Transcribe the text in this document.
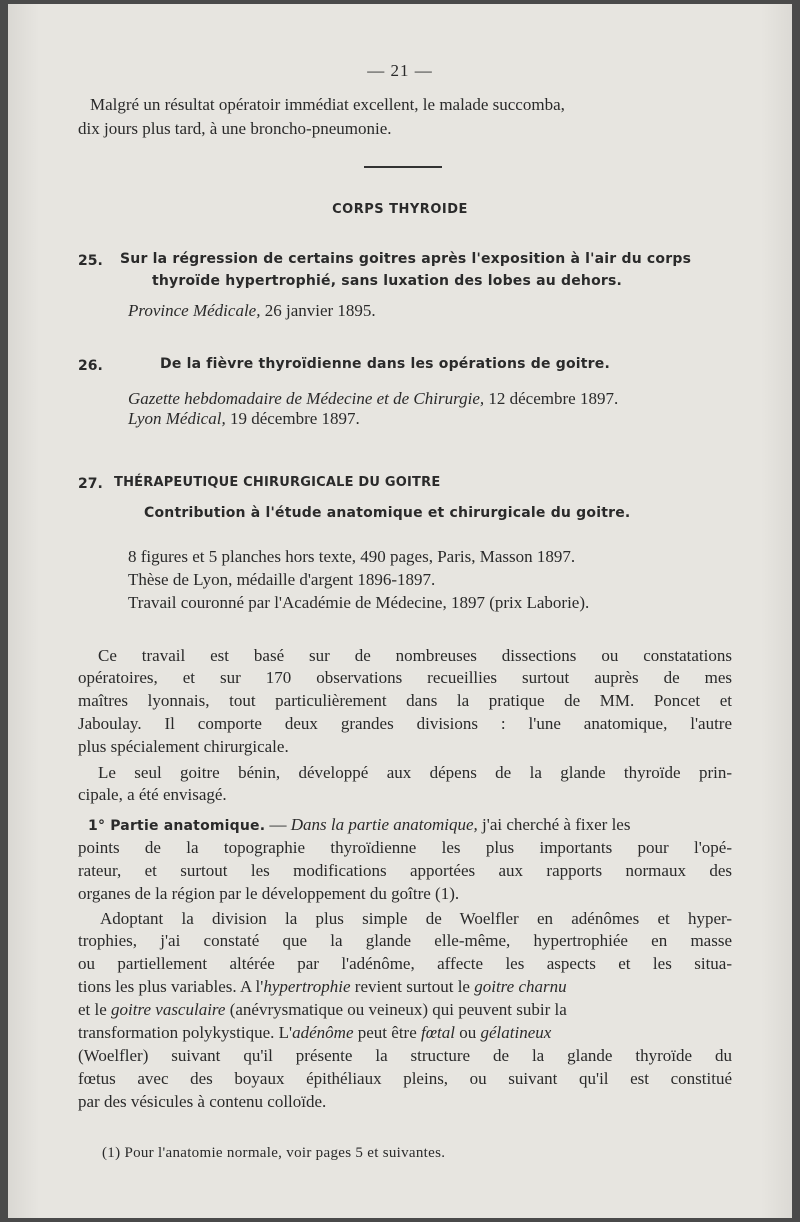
— 21 —
Malgré un résultat opératoir immédiat excellent, le malade succomba,
dix jours plus tard, à une broncho-pneumonie.
CORPS THYROIDE
25. Sur la régression de certains goitres après l'exposition à l'air du corps
thyroïde hypertrophié, sans luxation des lobes au dehors.
Province Médicale, 26 janvier 1895.
26.	De la fièvre thyroïdienne dans les opérations de goitre.
Gazette hebdomadaire de Médecine et de Chirurgie, 12 décembre 1897.
Lyon Médical, 19 décembre 1897.
27. THÉRAPEUTIQUE CHIRURGICALE DU GOITRE
Contribution à l'étude anatomique et chirurgicale du goitre.
8 figures et 5 planches hors texte, 490 pages, Paris, Masson 1897.
Thèse de Lyon, médaille d'argent 1896-1897.
Travail couronné par l'Académie de Médecine, 1897 (prix Laborie).
Ce travail est basé sur de nombreuses dissections ou constatations
opératoires, et sur 170 observations recueillies surtout auprès de mes
maîtres lyonnais, tout particulièrement dans la pratique de MM. Poncet et
Jaboulay. Il comporte deux grandes divisions : l'une anatomique, l'autre
plus spécialement chirurgicale.
Le seul goitre bénin, développé aux dépens de la glande thyroïde prin-
cipale, a été envisagé.
1° Partie anatomique. — Dans la partie anatomique, j'ai cherché à fixer les
points de la topographie thyroïdienne les plus importants pour l'opé-
rateur, et surtout les modifications apportées aux rapports normaux des
organes de la région par le développement du goître (1).
Adoptant la division la plus simple de Woelfler en adénômes et hyper-
trophies, j'ai constaté que la glande elle-même, hypertrophiée en masse
ou partiellement altérée par l'adénôme, affecte les aspects et les situa-
tions les plus variables. A l'hypertrophie revient surtout le goitre charnu
et le goitre vasculaire (anévrysmatique ou veineux) qui peuvent subir la
transformation polykystique. L'adénôme peut être fœtal ou gélatineux
(Woelfler) suivant qu'il présente la structure de la glande thyroïde du
fœtus avec des boyaux épithéliaux pleins, ou suivant qu'il est constitué
par des vésicules à contenu colloïde.
(1) Pour l'anatomie normale, voir pages 5 et suivantes.
